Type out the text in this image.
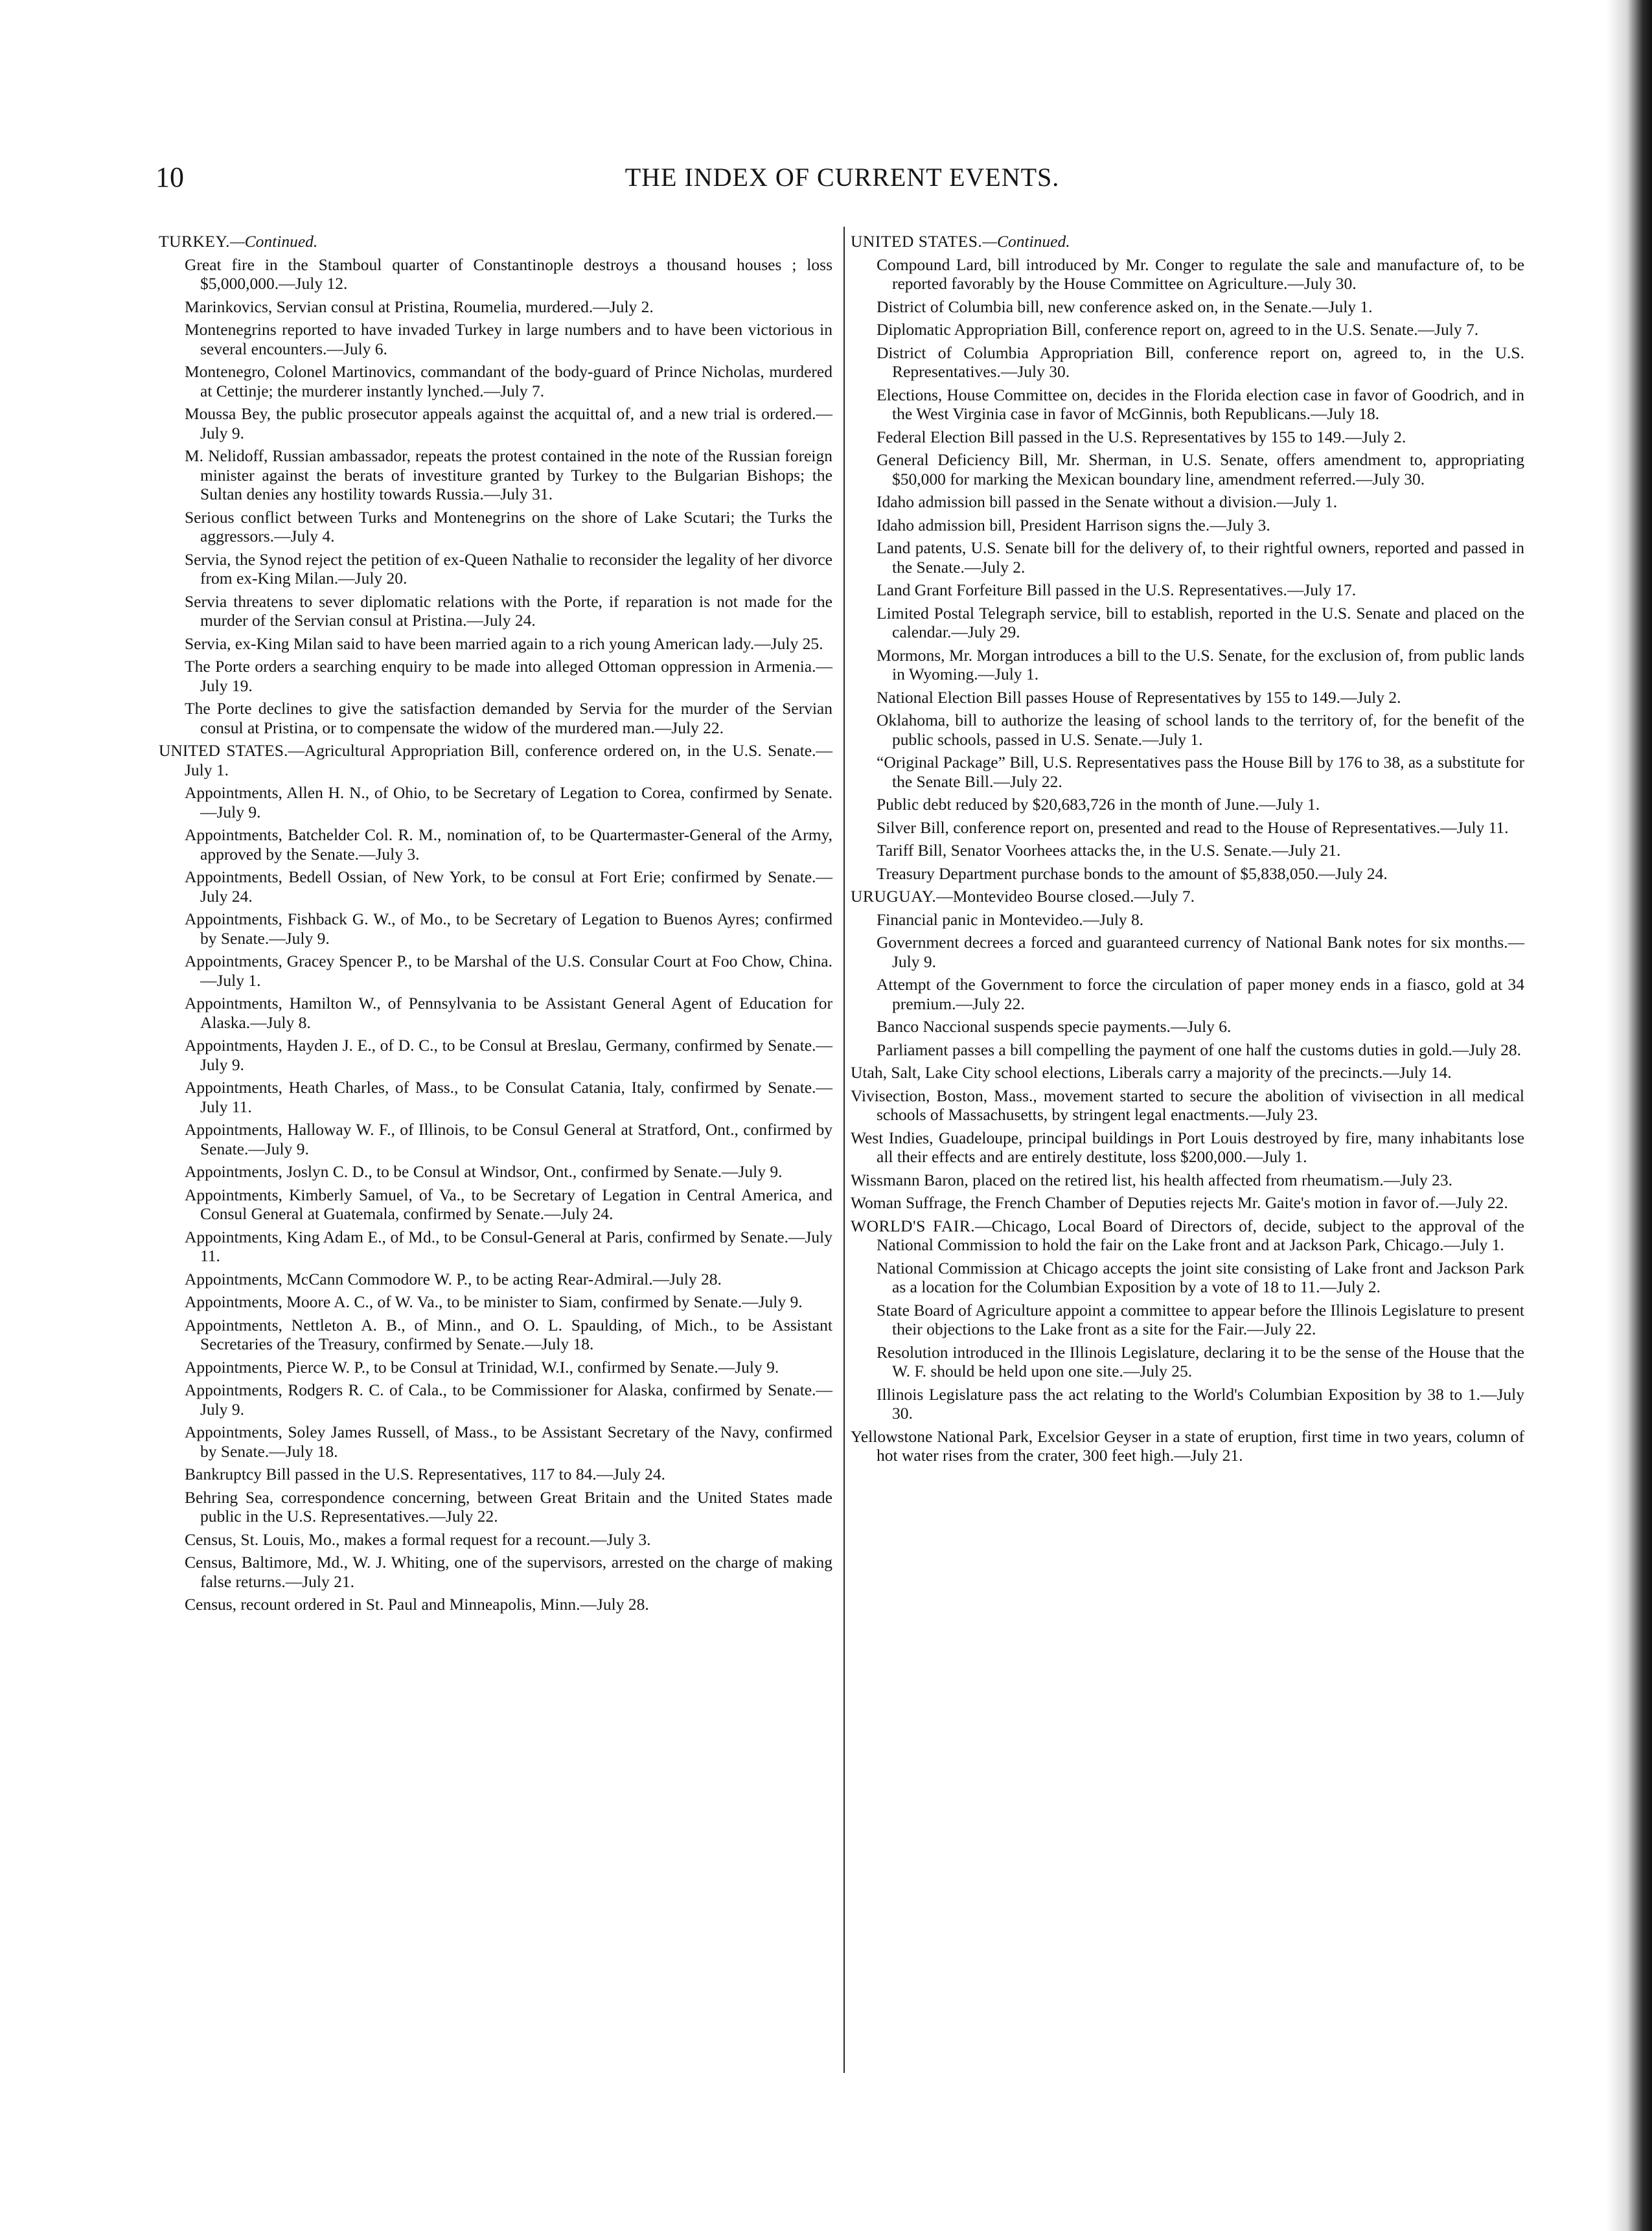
10	THE INDEX OF CURRENT EVENTS.

TURKEY.—Continued.

Great fire in the Stamboul quarter of Constantinople destroys a thousand houses ; loss $5,000,000.—July 12.

Marinkovics, Servian consul at Pristina, Roumelia, murdered.—July 2.

Montenegrins reported to have invaded Turkey in large numbers and to have been victorious in several encounters.—July 6.

Montenegro, Colonel Martinovics, commandant of the body-guard of Prince Nicholas, murdered at Cettinje; the murderer instantly lynched.—July 7.

Moussa Bey, the public prosecutor appeals against the acquittal of, and a new trial is ordered.—July 9.

M. Nelidoff, Russian ambassador, repeats the protest contained in the note of the Russian foreign minister against the berats of investiture granted by Turkey to the Bulgarian Bishops; the Sultan denies any hostility towards Russia.—July 31.

Serious conflict between Turks and Montenegrins on the shore of Lake Scutari; the Turks the aggressors.—July 4.

Servia, the Synod reject the petition of ex-Queen Nathalie to reconsider the legality of her divorce from ex-King Milan.—July 20.

Servia threatens to sever diplomatic relations with the Porte, if reparation is not made for the murder of the Servian consul at Pristina.—July 24.

Servia, ex-King Milan said to have been married again to a rich young American lady.—July 25.

The Porte orders a searching enquiry to be made into alleged Ottoman oppression in Armenia.—July 19.

The Porte declines to give the satisfaction demanded by Servia for the murder of the Servian consul at Pristina, or to compensate the widow of the murdered man.—July 22.

UNITED STATES.—Agricultural Appropriation Bill, conference ordered on, in the U.S. Senate.—July 1.

Appointments, Allen H. N., of Ohio, to be Secretary of Legation to Corea, confirmed by Senate.—July 9.

Appointments, Batchelder Col. R. M., nomination of, to be Quartermaster-General of the Army, approved by the Senate.—July 3.

Appointments, Bedell Ossian, of New York, to be consul at Fort Erie; confirmed by Senate.—July 24.

Appointments, Fishback G. W., of Mo., to be Secretary of Legation to Buenos Ayres; confirmed by Senate.—July 9.

Appointments, Gracey Spencer P., to be Marshal of the U.S. Consular Court at Foo Chow, China.—July 1.

Appointments, Hamilton W., of Pennsylvania to be Assistant General Agent of Education for Alaska.—July 8.

Appointments, Hayden J. E., of D. C., to be Consul at Breslau, Germany, confirmed by Senate.—July 9.

Appointments, Heath Charles, of Mass., to be Consulat Catania, Italy, confirmed by Senate.—July 11.

Appointments, Halloway W. F., of Illinois, to be Consul General at Stratford, Ont., confirmed by Senate.—July 9.

Appointments, Joslyn C. D., to be Consul at Windsor, Ont., confirmed by Senate.—July 9.

Appointments, Kimberly Samuel, of Va., to be Secretary of Legation in Central America, and Consul General at Guatemala, confirmed by Senate.—July 24.

Appointments, King Adam E., of Md., to be Consul-General at Paris, confirmed by Senate.—July 11.

Appointments, McCann Commodore W. P., to be acting Rear-Admiral.—July 28.

Appointments, Moore A. C., of W. Va., to be minister to Siam, confirmed by Senate.—July 9.

Appointments, Nettleton A. B., of Minn., and O. L. Spaulding, of Mich., to be Assistant Secretaries of the Treasury, confirmed by Senate.—July 18.

Appointments, Pierce W. P., to be Consul at Trinidad, W.I., confirmed by Senate.—July 9.

Appointments, Rodgers R. C. of Cala., to be Commissioner for Alaska, confirmed by Senate.—July 9.

Appointments, Soley James Russell, of Mass., to be Assistant Secretary of the Navy, confirmed by Senate.—July 18.

Bankruptcy Bill passed in the U.S. Representatives, 117 to 84.—July 24.

Behring Sea, correspondence concerning, between Great Britain and the United States made public in the U.S. Representatives.—July 22.

Census, St. Louis, Mo., makes a formal request for a recount.—July 3.

Census, Baltimore, Md., W. J. Whiting, one of the supervisors, arrested on the charge of making false returns.—July 21.

Census, recount ordered in St. Paul and Minneapolis, Minn.—July 28.

UNITED STATES.—Continued.

Compound Lard, bill introduced by Mr. Conger to regulate the sale and manufacture of, to be reported favorably by the House Committee on Agriculture.—July 30.

District of Columbia bill, new conference asked on, in the Senate.—July 1.

Diplomatic Appropriation Bill, conference report on, agreed to in the U.S. Senate.—July 7.

District of Columbia Appropriation Bill, conference report on, agreed to, in the U.S. Representatives.—July 30.

Elections, House Committee on, decides in the Florida election case in favor of Goodrich, and in the West Virginia case in favor of McGinnis, both Republicans.—July 18.

Federal Election Bill passed in the U.S. Representatives by 155 to 149.—July 2.

General Deficiency Bill, Mr. Sherman, in U.S. Senate, offers amendment to, appropriating $50,000 for marking the Mexican boundary line, amendment referred.—July 30.

Idaho admission bill passed in the Senate without a division.—July 1.

Idaho admission bill, President Harrison signs the.—July 3.

Land patents, U.S. Senate bill for the delivery of, to their rightful owners, reported and passed in the Senate.—July 2.

Land Grant Forfeiture Bill passed in the U.S. Representatives.—July 17.

Limited Postal Telegraph service, bill to establish, reported in the U.S. Senate and placed on the calendar.—July 29.

Mormons, Mr. Morgan introduces a bill to the U.S. Senate, for the exclusion of, from public lands in Wyoming.—July 1.

National Election Bill passes House of Representatives by 155 to 149.—July 2.

Oklahoma, bill to authorize the leasing of school lands to the territory of, for the benefit of the public schools, passed in U.S. Senate.—July 1.

“Original Package” Bill, U.S. Representatives pass the House Bill by 176 to 38, as a substitute for the Senate Bill.—July 22.

Public debt reduced by $20,683,726 in the month of June.—July 1.

Silver Bill, conference report on, presented and read to the House of Representatives.—July 11.

Tariff Bill, Senator Voorhees attacks the, in the U.S. Senate.—July 21.

Treasury Department purchase bonds to the amount of $5,838,050.—July 24.

URUGUAY.—Montevideo Bourse closed.—July 7.

Financial panic in Montevideo.—July 8.

Government decrees a forced and guaranteed currency of National Bank notes for six months.—July 9.

Attempt of the Government to force the circulation of paper money ends in a fiasco, gold at 34 premium.—July 22.

Banco Naccional suspends specie payments.—July 6.

Parliament passes a bill compelling the payment of one half the customs duties in gold.—July 28.

Utah, Salt, Lake City school elections, Liberals carry a majority of the precincts.—July 14.

Vivisection, Boston, Mass., movement started to secure the abolition of vivisection in all medical schools of Massachusetts, by stringent legal enactments.—July 23.

West Indies, Guadeloupe, principal buildings in Port Louis destroyed by fire, many inhabitants lose all their effects and are entirely destitute, loss $200,000.—July 1.

Wissmann Baron, placed on the retired list, his health affected from rheumatism.—July 23.

Woman Suffrage, the French Chamber of Deputies rejects Mr. Gaite's motion in favor of.—July 22.

WORLD'S FAIR.—Chicago, Local Board of Directors of, decide, subject to the approval of the National Commission to hold the fair on the Lake front and at Jackson Park, Chicago.—July 1.

National Commission at Chicago accepts the joint site consisting of Lake front and Jackson Park as a location for the Columbian Exposition by a vote of 18 to 11.—July 2.

State Board of Agriculture appoint a committee to appear before the Illinois Legislature to present their objections to the Lake front as a site for the Fair.—July 22.

Resolution introduced in the Illinois Legislature, declaring it to be the sense of the House that the W. F. should be held upon one site.—July 25.

Illinois Legislature pass the act relating to the World's Columbian Exposition by 38 to 1.—July 30.

Yellowstone National Park, Excelsior Geyser in a state of eruption, first time in two years, column of hot water rises from the crater, 300 feet high.—July 21.
